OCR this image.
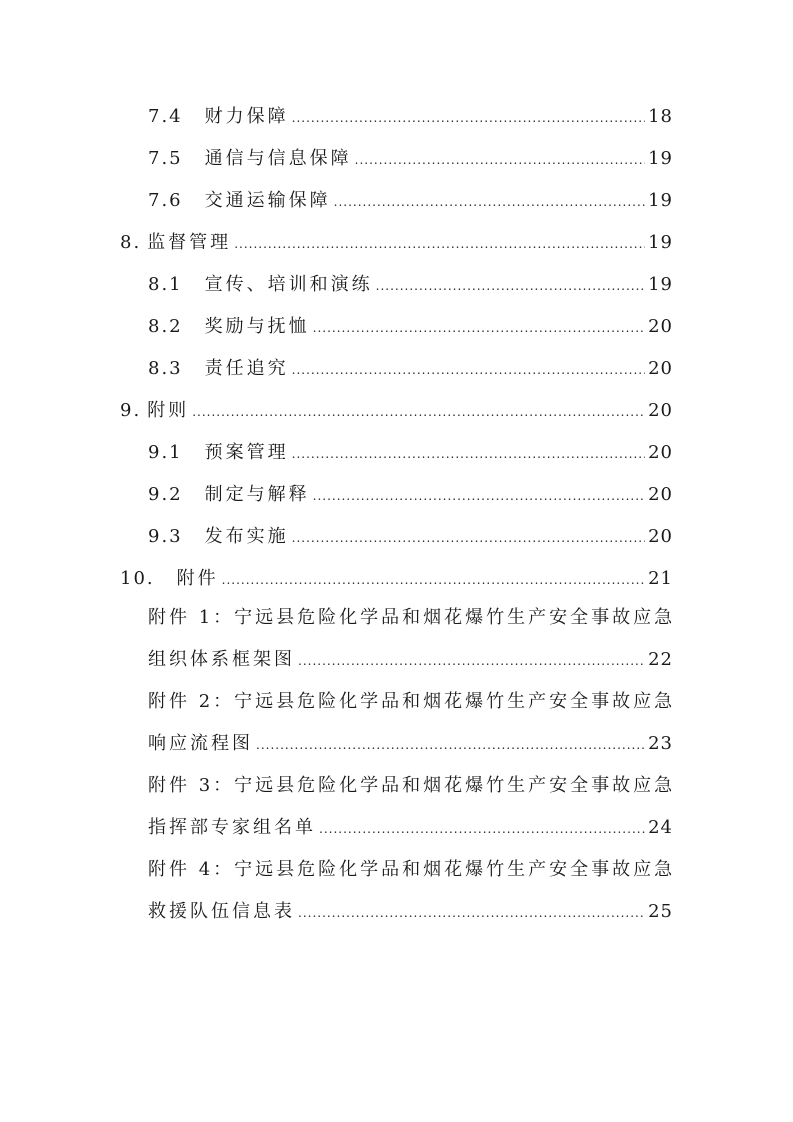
7.4 财力保障 .....	18
7.5 通信与信息保障 .....	19
7.6 交通运输保障 .....	19
8. 监督管理 .....	19
8.1 宣传、培训和演练 .....	19
8.2 奖励与抚恤 .....	20
8.3 责任追究 .....	20
9. 附则 .....	20
9.1 预案管理 .....	20
9.2 制定与解释 .....	20
9.3 发布实施 .....	20
10. 附件 .....	21
附件 1：宁远县危险化学品和烟花爆竹生产安全事故应急
组织体系框架图 .....	22
附件 2：宁远县危险化学品和烟花爆竹生产安全事故应急
响应流程图 .....	23
附件 3：宁远县危险化学品和烟花爆竹生产安全事故应急
指挥部专家组名单 .....	24
附件 4：宁远县危险化学品和烟花爆竹生产安全事故应急
救援队伍信息表 .....	25
